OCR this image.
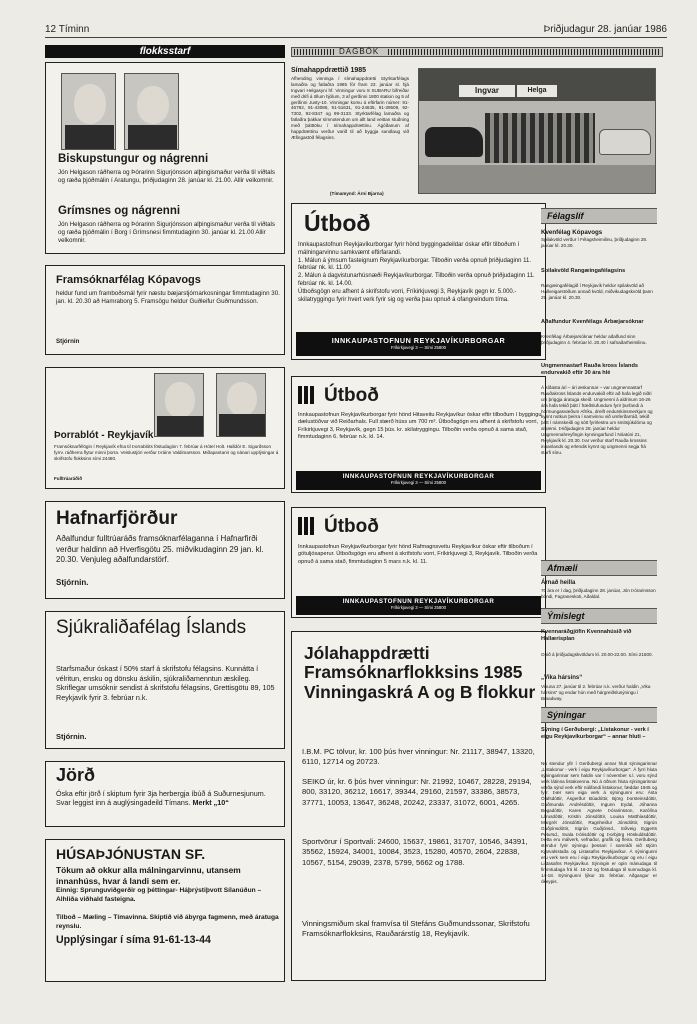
12 Tíminn	Þriðjudagur 28. janúar 1986
flokksstarf
Biskupstungur og nágrenni
Jón Helgason ráðherra og Þórarinn Sigurjónsson alþingismaður verða til viðtals og ræða þjóðmálin í Aratungu, þriðjudaginn 28. janúar kl. 21.00. Allir velkomnir.
Grímsnes og nágrenni
Jón Helgason ráðherra og Þórarinn Sigurjónsson alþingismaður verða til viðtals og ræða þjóðmálin í Borg í Grímsnesi fimmtudaginn 30. janúar kl. 21.00 Allir velkomnir.
Framsóknarfélag Kópavogs
heldur fund um framboðsmál fyrir næstu bæjarstjórnarkosningar fimmtudaginn 30. jan. kl. 20.30 að Hamraborg 5. Framsögu heldur Guðleifur Guðmundsson.
Stjórnin
Þorrablót - Reykjavík
Framsóknarfélögin í Reykjavík efna til Þorrablóts föstudaginn 7. febrúar á Hótel Holt. Halldór E. Sigurðsson fyrrv. ráðherra flytur minni þorra. Veislustjóri verður Þráinn Valdimarsson. Miðapantanir og nánari upplýsingar á skrifstofu flokksins sími 24480.
Fulltrúaráðið
Hafnarfjörður
Aðalfundur fulltrúaráðs framsóknarfélaganna í Hafnarfirði verður haldinn að Hverfisgötu 25. miðvikudaginn 29 jan. kl. 20.30. Venjuleg aðalfundarstörf.
Stjórnin.
Sjúkraliðafélag Íslands
Starfsmaður óskast í 50% starf á skrifstofu félagsins. Kunnátta í vélritun, ensku og dönsku áskilin, sjúkraliðamenntun æskileg. Skriflegar umsóknir sendist á skrifstofu félagsins, Grettisgötu 89, 105 Reykjavík fyrir 3. febrúar n.k.
Stjórnin.
Jörð
Óska eftir jörð í skiptum fyrir 3ja herbergja íbúð á Suðurnesjunum. Svar leggist inn á auglýsingadeild Tímans. Merkt „10“
HÚSAÞJÓNUSTAN SF.
Tökum að okkur alla málningarvinnu, utansem innanhúss, hvar á landi sem er.
Einnig: Sprunguviðgerðir og þéttingar- Háþrýstiþvott Sílanúðun – Alhliða viðhald fasteigna.
Tilboð – Mæling – Tímavinna. Skiptið við ábyrga fagmenn, með áratuga reynslu.
Upplýsingar í síma 91-61-13-44
DAGBÓK
Símahappdrættið 1985
Afhending vinninga í símahappdrætti Styrktarfélags lamaðra og fatlaðra 1985 fór fram 23. janúar sl. hjá Ingvari Helgasyni hf. Vinningur voru 8 SUBARU bifreiðar með drifi á öllum hjólum, 3 af gerðinni 1800 station og 5 af gerðinni Justy-10. Vinningar komu á eftirfarin númer: 91-46792, 91-43086, 91-51631, 91-24635, 91-39509, 92-7302, 92-8347 og 99-3133. Styrktarfélag lamaðra og fatlaðra þakkar símnotendum um allt land veittan stuðning með þátttöku í símahappdrættinu. Ágóðanum af happdrættinu verður varið til að byggja sundlaug við Æfingastöð félagsins.
(Tímamynd: Árni Bjarna)
Ingvar	Helga
Útboð
Innkaupastofnun Reykjavíkurborgar fyrir hönd byggingadeildar óskar eftir tilboðum í málningarvinnu samkvæmt eftirfarandi.
1. Málun á ýmsum fasteignum Reykjavíkurborgar. Tilboðin verða opnuð þriðjudaginn 11. febrúar nk. kl. 11.00
2. Málun á dagvistunarhúsnæði Reykjavíkurborgar. Tilboðin verða opnuð þriðjudaginn 11. febrúar nk. kl. 14.00.
Útboðsgögn eru afhent á skrifstofu vorri, Fríkirkjuvegi 3, Reykjavík gegn kr. 5.000.- skilatryggingu fyrir hvert verk fyrir sig og verða þau opnuð á ofangreindum tíma.
INNKAUPASTOFNUN REYKJAVÍKURBORGAR
Fríkirkjuvegi 3 — Sími 25800
Útboð
Innkaupastofnun Reykjavíkurborgar fyrir hönd Hitaveitu Reykjavíkur óskar eftir tilboðum í byggingu dælustöðvar við Reiðarhals. Full stærð húss um 700 m³. Útboðsgögn eru afhent á skrifstofu vorri, Fríkirkjuvegi 3, Reykjavík, gegn 15 þús. kr. skilatryggingu. Tilboðin verða opnuð á sama stað, fimmtudaginn 6. febrúar n.k. kl. 14.
INNKAUPASTOFNUN REYKJAVÍKURBORGAR
Fríkirkjuvegi 3 — Sími 25800
Útboð
Innkaupastofnun Reykjavíkurborgar fyrir hönd Rafmagnsveitu Reykjavíkur óskar eftir tilboðum í götuljósaperur. Útboðsgögn eru afhent á skrifstofu vorri, Fríkirkjuvegi 3, Reykjavík. Tilboðin verða opnuð á sama stað, fimmtudaginn 5 mars n.k. kl. 11.
INNKAUPASTOFNUN REYKJAVÍKURBORGAR
Fríkirkjuvegi 3 — Sími 25800
Jólahappdrætti Framsóknarflokksins 1985 Vinningaskrá A og B flokkur
I.B.M. PC tölvur, kr. 100 þús hver vinningur: Nr. 21117, 38947, 13320, 6110, 12714 og 20723.
SEIKO úr, kr. 6 þús hver vinningur: Nr. 21992, 10467, 28228, 29194, 800, 33120, 36212, 16617, 39344, 29160, 21597, 33386, 38573, 37771, 10053, 13647, 36248, 20242, 23337, 31072, 6001, 4265.
Sportvörur í Sportvali: 24600, 15637, 19861, 31707, 10546, 34391, 35562, 15924, 34001, 10084, 3523, 15280, 40570, 2604, 22838, 10567, 5154, 29039, 2378, 5799, 5662 og 1788.
Vinningsmiðum skal framvísa til Stefáns Guðmundssonar, Skrifstofu Framsóknarflokksins, Rauðarárstíg 18, Reykjavík.
Félagslíf
Kvenfélag Kópavogs
Spilakvöld verður í Félagsheimilinu, þriðjudaginn 28. janúar kl. 20.30.
Spilakvöld Rangæingafélagsins
Rangæingafélagið í Reykjavík heldur spilakvöld að Hallveigarstöðum annað kvöld, miðvikudagskvöld þann 29. janúar kl. 20.30.
Aðalfundur Kvenfélags Árbæjarsóknar
Kvenfélag Árbæjarsóknar heldur aðalfund sinn þriðjudaginn 4. febrúar kl. 20.40 í safnaðarheimilinu.
Ungmennastarf Rauða kross Íslands endurvakið eftir 30 ára hlé
Á síðasta ári – ári æskunnar – var ungmennastarf Rauðakross Íslands endurvakið eftir að hafa legið niðri um þriggja áratuga skeið. Ungmenni á aldrinum 16-26 ára hafa tekið þátt í fræðslufundum fyrir þurfandi á hörmungasvæðum Afríku, dreift endurskinsmerkjum og kynnt notkun þeirra í samvinnu við umferðarráð, tekið þátt í námskeiði og sótt fyrirlestra um smitsjúkdóma og alnæmi. Þriðjudaginn 28. janúar heldur Ungmennahreyfingin kynningarfund í Nóatúni 21, Reykjavík kl. 20.30. Þar verður starf Rauða krossins innanlands og erlendis kynnt og ungmenni segja frá starfi sínu.
Afmæli
Árnað heilla
70 ára er í dag, þriðjudaginn 28. janúar, Jón Þórarinsson bóndi, Fagraneskoti, Aðaldal.
Ýmislegt
Kvennaráðgjöfin Kvennahúsið við Hallærisplan
Opið á þriðjudagskvöldum kl. 20.00-22.00. Sími 21500.
„Vika hársins“
Vikuna 27. janúar til 2. febrúar n.k. verður haldin „Vika hársins“ og endar hún með hárgreiðslusýningu í Broadway.
Sýningar
Sýning í Gerðubergi: „Listakonur - verk í eigu Reykjavíkurborgar“ – annar hluti –
Nú stendur yfir í Gerðubergi annar hluti sýningarinnar „Listakonur - verk í eigu Reykjavíkurborgar“. Á fyrri hluta sýningarinnar sem haldin var í nóvember s.l. voru sýnd verk látinna listakvenna. Nú á öðrum hluta sýningarinnar verða sýnd verk eftir núlifandi listakonur, fæddar 1945 og fyrr. Þær sem eiga verk á sýningunni eru: Ásta Ólafsdóttir, Ásgerður Búadóttir, Björg Þorsteinsdóttir, Guðmunda Andrésdóttir, Ingunn Eydal, Jóhanna Bogadóttir, Karen Agnete Þórarinsson, Karólína Lárusdóttir, Kristín Jónsdóttir, Louisa Matthíasdóttir, Margrét Jónsdóttir, Ragnheiður Jónsdóttir, Sigrún Guðjónsdóttir, Sigrún Guðjónsd., Sólveig Eggerts Pétursd., Svala Þórisdóttir og Þorbjörg Höskuldsdóttir. Þetta eru málverk, vefnaður, grafík og fleira. Gerðuberg stendur fyrir sýningu þessari í samráði við stjórn Kjarvalsstaða og Listasafns Reykjavíkur. Á sýningunni eru verk sem eru í eigu Reykjavíkurborgar og eru í eigu Listasafns Reykjavíkur. Sýningin er opin mánudaga til fimmtudaga frá kl. 16-22 og föstudaga til sunnudaga kl. 14-18. Sýningunni lýkur 15. febrúar. Aðgangur er ókeypis.
